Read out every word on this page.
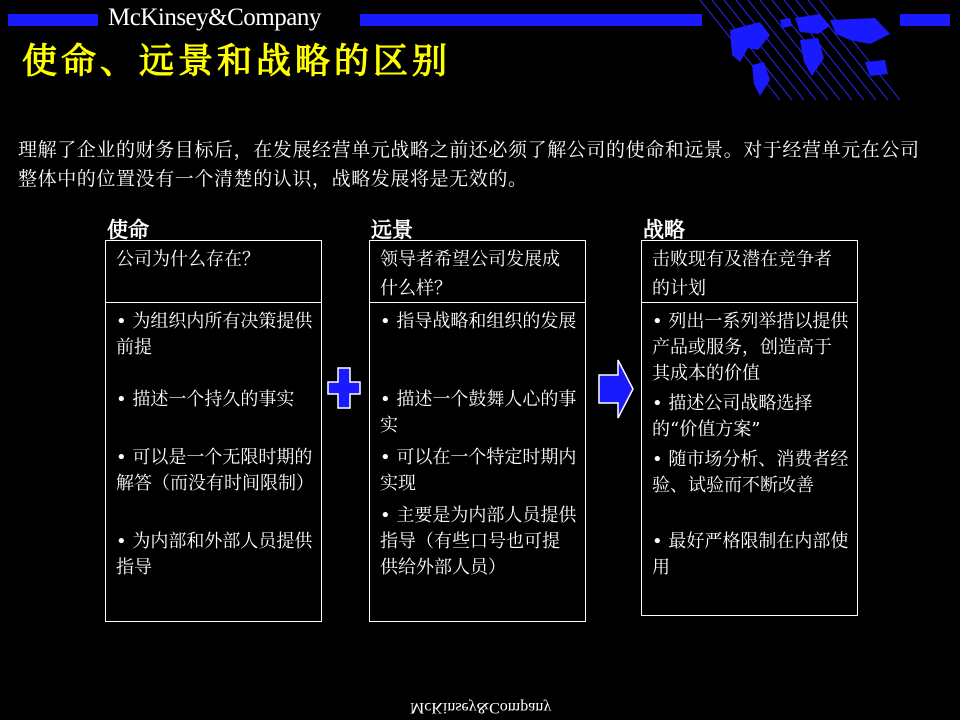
McKinsey&Company
使命、远景和战略的区别

理解了企业的财务目标后，在发展经营单元战略之前还必须了解公司的使命和远景。对于经营单元在公司整体中的位置没有一个清楚的认识，战略发展将是无效的。

使命
公司为什么存在？

• 为组织内所有决策提供前提

• 描述一个持久的事实

• 可以是一个无限时期的解答（而没有时间限制）

• 为内部和外部人员提供指导

远景
领导者希望公司发展成什么样？

• 指导战略和组织的发展

• 描述一个鼓舞人心的事实

• 可以在一个特定时期内实现

• 主要是为内部人员提供指导（有些口号也可提供给外部人员）

战略
击败现有及潜在竞争者的计划

• 列出一系列举措以提供产品或服务，创造高于其成本的价值

• 描述公司战略选择的“价值方案”

• 随市场分析、消费者经验、试验而不断改善

• 最好严格限制在内部使用

McKinsey&Company
